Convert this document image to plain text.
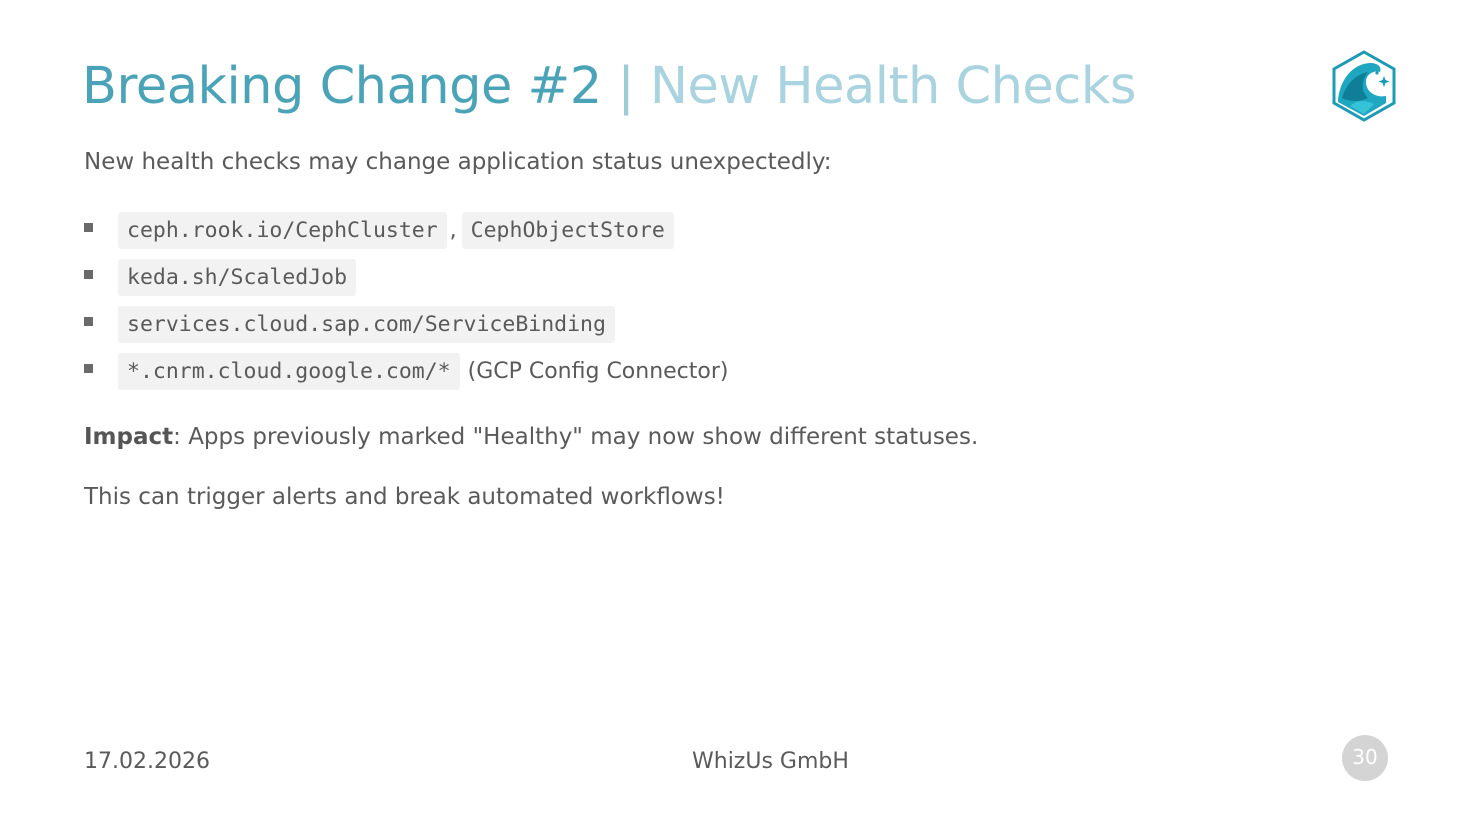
Breaking Change #2 | New Health Checks

New health checks may change application status unexpectedly:

ceph.rook.io/CephCluster , CephObjectStore
keda.sh/ScaledJob
services.cloud.sap.com/ServiceBinding
*.cnrm.cloud.google.com/* (GCP Config Connector)

Impact: Apps previously marked "Healthy" may now show different statuses.

This can trigger alerts and break automated workflows!

17.02.2026	WhizUs GmbH	30
